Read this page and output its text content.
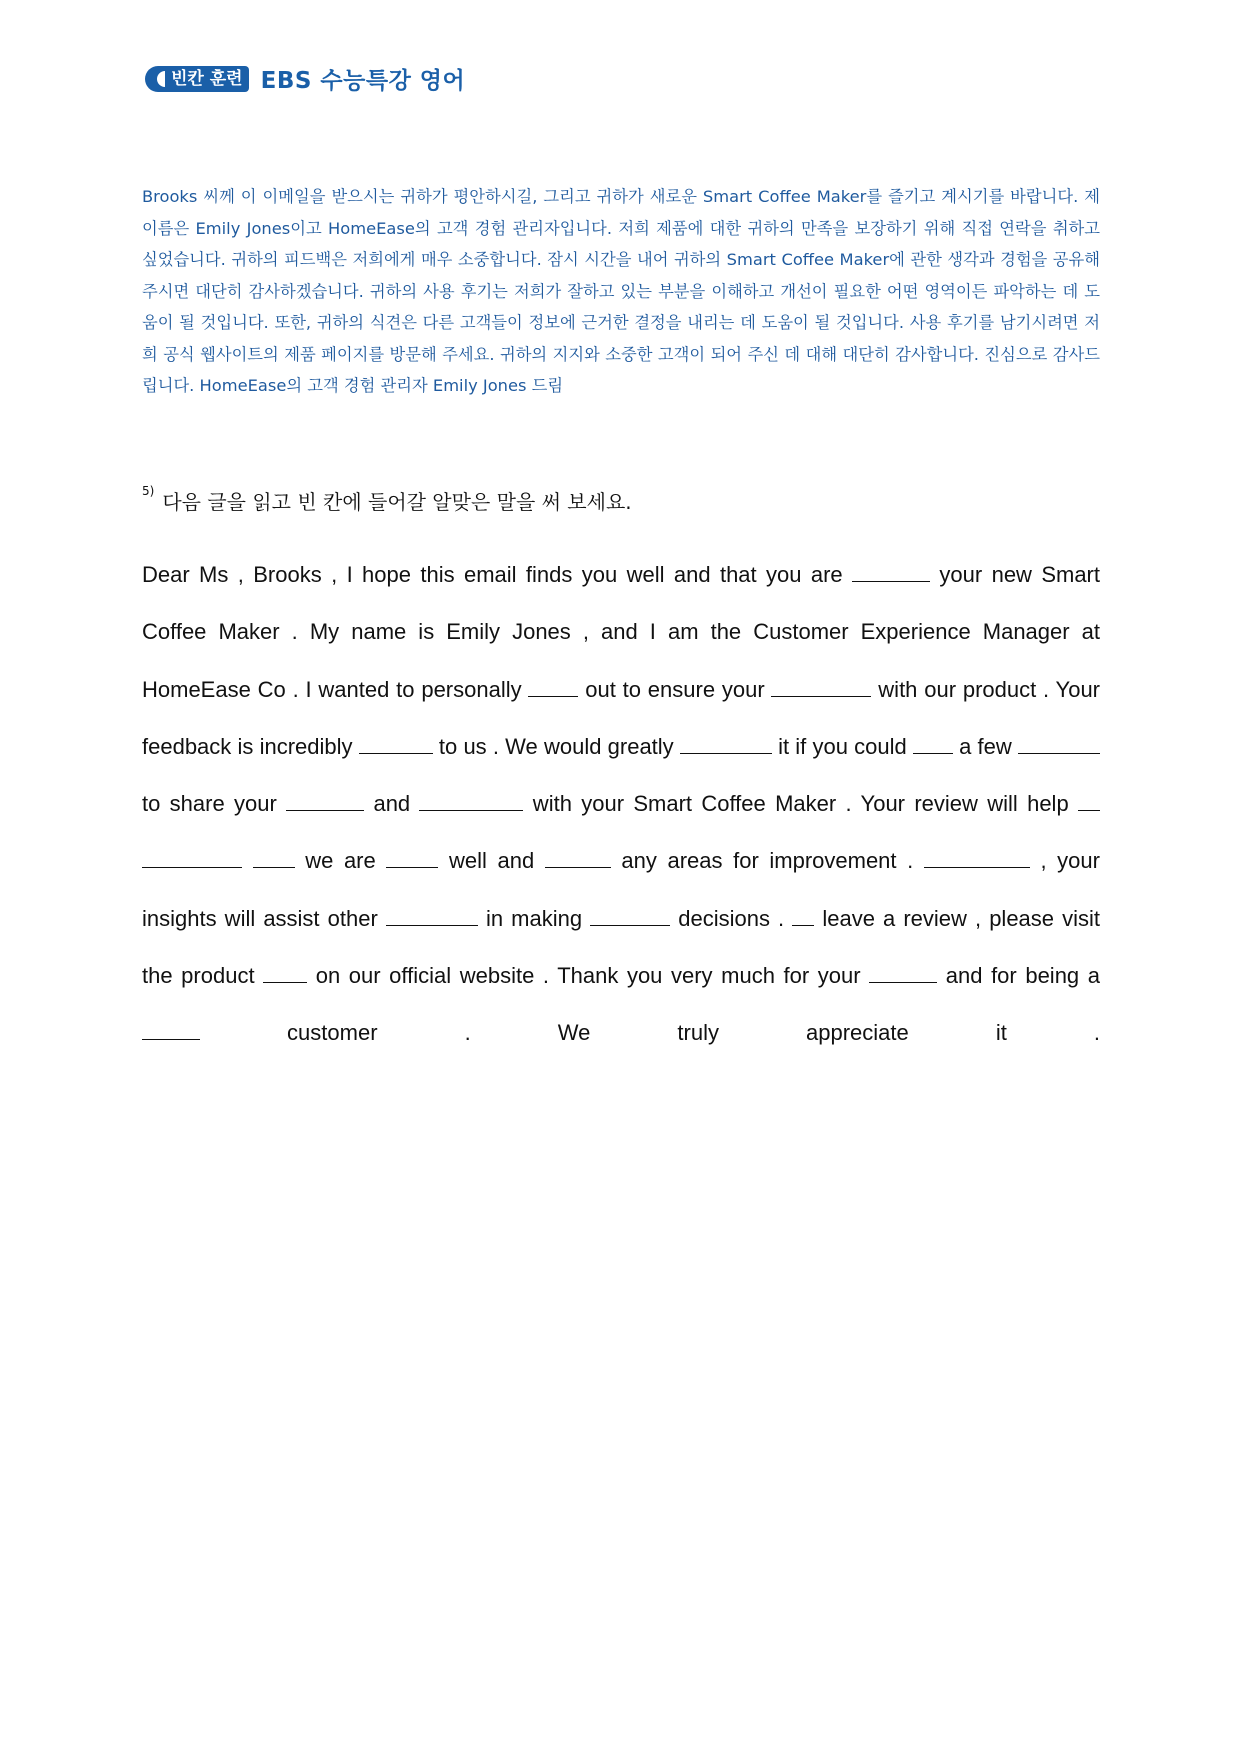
빈칸 훈련 EBS 수능특강 영어
Brooks 씨께 이 이메일을 받으시는 귀하가 평안하시길, 그리고 귀하가 새로운 Smart Coffee Maker를 즐기고 계시기를 바랍니다. 제 이름은 Emily Jones이고 HomeEase의 고객 경험 관리자입니다. 저희 제품에 대한 귀하의 만족을 보장하기 위해 직접 연락을 취하고 싶었습니다. 귀하의 피드백은 저희에게 매우 소중합니다. 잠시 시간을 내어 귀하의 Smart Coffee Maker에 관한 생각과 경험을 공유해 주시면 대단히 감사하겠습니다. 귀하의 사용 후기는 저희가 잘하고 있는 부분을 이해하고 개선이 필요한 어떤 영역이든 파악하는 데 도움이 될 것입니다. 또한, 귀하의 식견은 다른 고객들이 정보에 근거한 결정을 내리는 데 도움이 될 것입니다. 사용 후기를 남기시려면 저희 공식 웹사이트의 제품 페이지를 방문해 주세요. 귀하의 지지와 소중한 고객이 되어 주신 데 대해 대단히 감사합니다. 진심으로 감사드립니다. HomeEase의 고객 경험 관리자 Emily Jones 드림
$^{5)}$ 다음 글을 읽고 빈 칸에 들어갈 알맞은 말을 써 보세요.
Dear Ms , Brooks , I hope this email finds you well and that you are	your new Smart Coffee Maker . My name is Emily Jones , and I am the Customer Experience Manager at HomeEase Co . I wanted to personally  out to ensure your	with our product . Your feedback is incredibly	to us . We would greatly	it if you could  a few  to share your	and	with your Smart Coffee Maker . Your review will help    we are  well and	any areas for improvement .	, your insights will assist other	in making	decisions .  leave a review , please visit the product  on our official website . Thank you very much for your	and for being a  customer . We truly appreciate it .
